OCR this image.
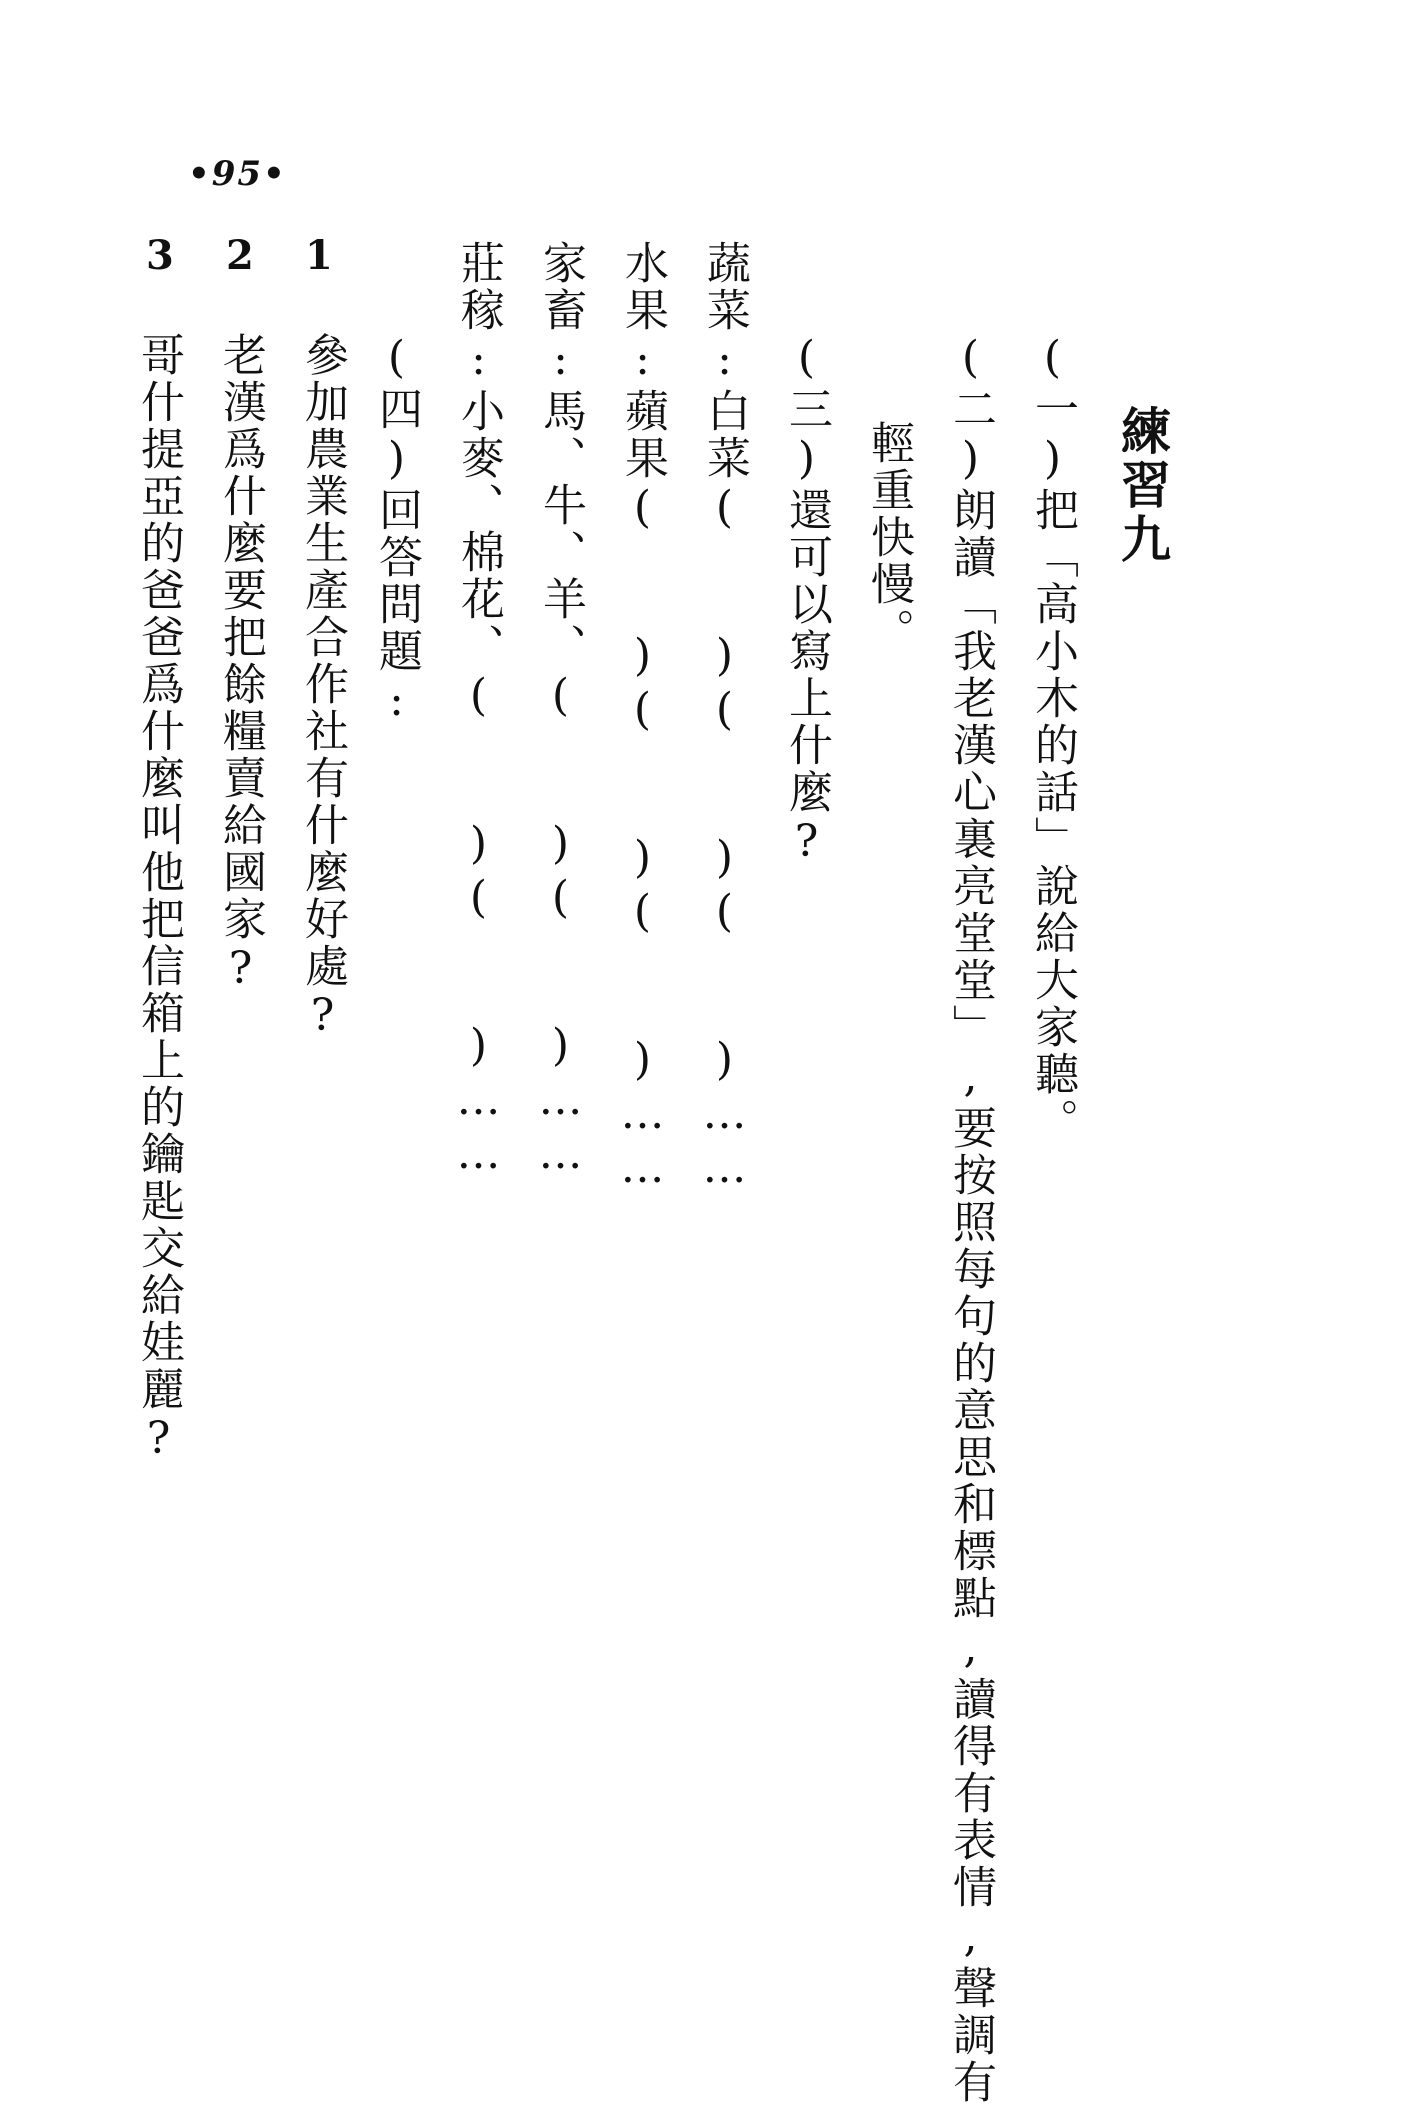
練習九
(一)把「高小木的話」說給大家聽。
(二)朗讀「我老漢心裏亮堂堂」,要按照每句的意思和標點,讀得有表情,聲調有
輕重快慢。
(三)還可以寫上什麼?
蔬菜:白菜(　　)(　　)(　　)……
水果:蘋果(　　)(　　)(　　)……
家畜:馬、牛、羊、(　　)(　　)……
莊稼:小麥、棉花、(　　)(　　)……
(四)回答問題:
1
參加農業生產合作社有什麼好處?
2
老漢爲什麼要把餘糧賣給國家?
3
哥什提亞的爸爸爲什麼叫他把信箱上的鑰匙交給娃麗?
•95•
